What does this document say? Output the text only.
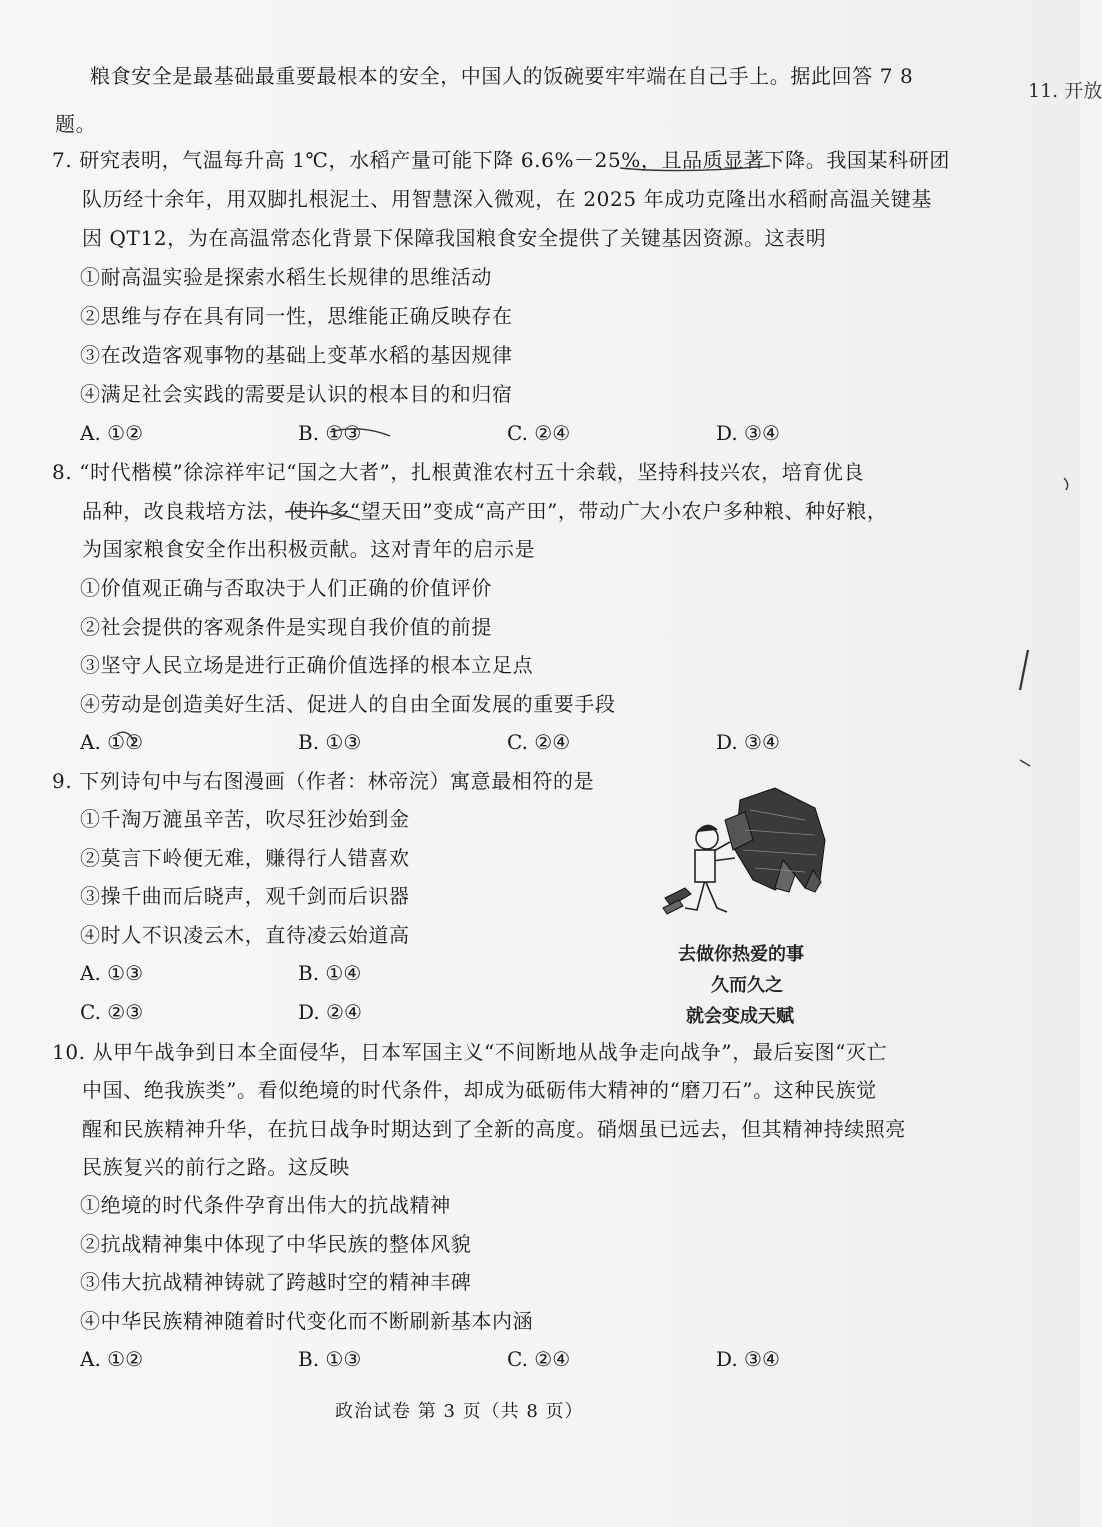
粮食安全是最基础最重要最根本的安全，中国人的饭碗要牢牢端在自己手上。据此回答 7 8
题。
11. 开放
7. 研究表明，气温每升高 1℃，水稻产量可能下降 6.6%－25%，且品质显著下降。我国某科研团
队历经十余年，用双脚扎根泥土、用智慧深入微观，在 2025 年成功克隆出水稻耐高温关键基
因 QT12，为在高温常态化背景下保障我国粮食安全提供了关键基因资源。这表明
①耐高温实验是探索水稻生长规律的思维活动
②思维与存在具有同一性，思维能正确反映存在
③在改造客观事物的基础上变革水稻的基因规律
④满足社会实践的需要是认识的根本目的和归宿
A. ①②	B. ①③	C. ②④	D. ③④
8. “时代楷模”徐淙祥牢记“国之大者”，扎根黄淮农村五十余载，坚持科技兴农，培育优良
品种，改良栽培方法，使许多“望天田”变成“高产田”，带动广大小农户多种粮、种好粮，
为国家粮食安全作出积极贡献。这对青年的启示是
①价值观正确与否取决于人们正确的价值评价
②社会提供的客观条件是实现自我价值的前提
③坚守人民立场是进行正确价值选择的根本立足点
④劳动是创造美好生活、促进人的自由全面发展的重要手段
A. ①②	B. ①③	C. ②④	D. ③④
9. 下列诗句中与右图漫画（作者：林帝浣）寓意最相符的是
①千淘万漉虽辛苦，吹尽狂沙始到金
②莫言下岭便无难，赚得行人错喜欢
③操千曲而后晓声，观千剑而后识器
④时人不识凌云木，直待凌云始道高
A. ①③	B. ①④
C. ②③	D. ②④
去做你热爱的事
久而久之
就会变成天赋
10. 从甲午战争到日本全面侵华，日本军国主义“不间断地从战争走向战争”，最后妄图“灭亡
中国、绝我族类”。看似绝境的时代条件，却成为砥砺伟大精神的“磨刀石”。这种民族觉
醒和民族精神升华，在抗日战争时期达到了全新的高度。硝烟虽已远去，但其精神持续照亮
民族复兴的前行之路。这反映
①绝境的时代条件孕育出伟大的抗战精神
②抗战精神集中体现了中华民族的整体风貌
③伟大抗战精神铸就了跨越时空的精神丰碑
④中华民族精神随着时代变化而不断刷新基本内涵
A. ①②	B. ①③	C. ②④	D. ③④
政治试卷 第 3 页（共 8 页）
